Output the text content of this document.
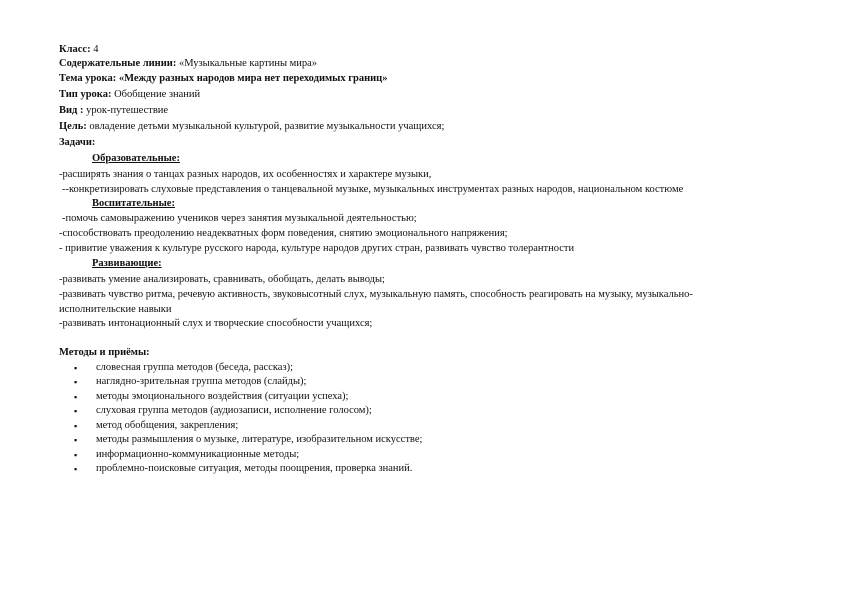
Класс: 4
Содержательные линии: «Музыкальные картины мира»
Тема урока: «Между разных народов мира нет переходимых границ»
Тип урока: Обобщение знаний
Вид : урок-путешествие
Цель: овладение детьми музыкальной культурой, развитие музыкальности учащихся;
Задачи:
Образовательные:
-расширять знания о танцах разных народов, их особенностях и характере музыки,
--конкретизировать слуховые представления о танцевальной музыке, музыкальных инструментах разных народов, национальном костюме
Воспитательные:
-помочь самовыражению учеников через занятия музыкальной деятельностью;
-способствовать преодолению неадекватных форм поведения, снятию эмоционального напряжения;
- привитие уважения к культуре русского народа, культуре народов других стран, развивать чувство толерантности
Развивающие:
-развивать умение анализировать, сравнивать, обобщать, делать выводы;
-развивать чувство ритма, речевую активность, звуковысотный слух, музыкальную память, способность реагировать на музыку, музыкально-
исполнительские навыки
-развивать интонационный слух и творческие способности учащихся;
Методы и приёмы:
▪ словесная группа методов (беседа, рассказ);
▪ наглядно-зрительная группа методов (слайды);
▪ методы эмоционального воздействия (ситуации успеха);
▪ слуховая группа методов (аудиозаписи, исполнение голосом);
▪ метод обобщения, закрепления;
▪ методы размышления о музыке, литературе, изобразительном искусстве;
▪ информационно-коммуникационные методы;
▪ проблемно-поисковые ситуация, методы поощрения, проверка знаний.
